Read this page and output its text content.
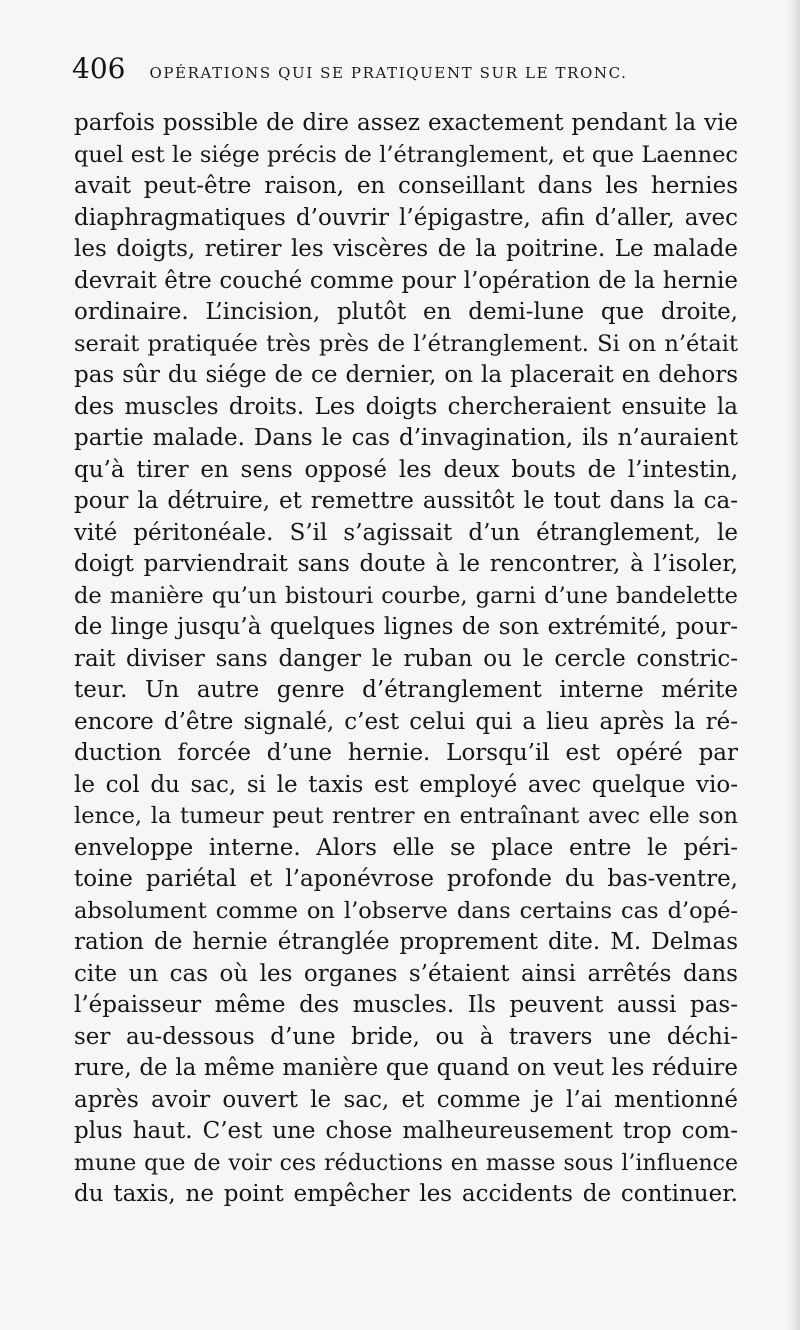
406 OPÉRATIONS QUI SE PRATIQUENT SUR LE TRONC.
parfois possible de dire assez exactement pendant la vie
quel est le siége précis de l’étranglement, et que Laennec
avait peut-être raison, en conseillant dans les hernies
diaphragmatiques d’ouvrir l’épigastre, afin d’aller, avec
les doigts, retirer les viscères de la poitrine. Le malade
devrait être couché comme pour l’opération de la hernie
ordinaire. L’incision, plutôt en demi-lune que droite,
serait pratiquée très près de l’étranglement. Si on n’était
pas sûr du siége de ce dernier, on la placerait en dehors
des muscles droits. Les doigts chercheraient ensuite la
partie malade. Dans le cas d’invagination, ils n’auraient
qu’à tirer en sens opposé les deux bouts de l’intestin,
pour la détruire, et remettre aussitôt le tout dans la ca-
vité péritonéale. S’il s’agissait d’un étranglement, le
doigt parviendrait sans doute à le rencontrer, à l’isoler,
de manière qu’un bistouri courbe, garni d’une bandelette
de linge jusqu’à quelques lignes de son extrémité, pour-
rait diviser sans danger le ruban ou le cercle constric-
teur. Un autre genre d’étranglement interne mérite
encore d’être signalé, c’est celui qui a lieu après la ré-
duction forcée d’une hernie. Lorsqu’il est opéré par
le col du sac, si le taxis est employé avec quelque vio-
lence, la tumeur peut rentrer en entraînant avec elle son
enveloppe interne. Alors elle se place entre le péri-
toine pariétal et l’aponévrose profonde du bas-ventre,
absolument comme on l’observe dans certains cas d’opé-
ration de hernie étranglée proprement dite. M. Delmas
cite un cas où les organes s’étaient ainsi arrêtés dans
l’épaisseur même des muscles. Ils peuvent aussi pas-
ser au-dessous d’une bride, ou à travers une déchi-
rure, de la même manière que quand on veut les réduire
après avoir ouvert le sac, et comme je l’ai mentionné
plus haut. C’est une chose malheureusement trop com-
mune que de voir ces réductions en masse sous l’influence
du taxis, ne point empêcher les accidents de continuer.
